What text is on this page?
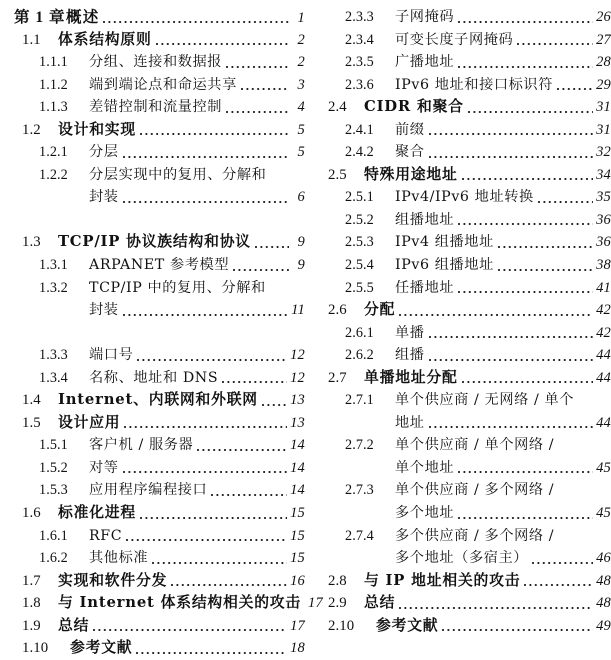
第 1 章 概述	1
1.1	体系结构原则	2
1.1.1	分组、连接和数据报	2
1.1.2	端到端论点和命运共享	3
1.1.3	差错控制和流量控制	4
1.2	设计和实现	5
1.2.1	分层	5
1.2.2	分层实现中的复用、分解和
封装	6
1.3	TCP/IP 协议族结构和协议	9
1.3.1	ARPANET 参考模型	9
1.3.2	TCP/IP 中的复用、分解和
封装	11
1.3.3	端口号	12
1.3.4	名称、地址和 DNS	12
1.4	Internet、内联网和外联网 13
1.5	设计应用	13
1.5.1	客户机 / 服务器	14
1.5.2	对等	14
1.5.3	应用程序编程接口	14
1.6	标准化进程	15
1.6.1	RFC	15
1.6.2	其他标准	15
1.7	实现和软件分发	16
1.8	与 Internet 体系结构相关的攻击 17
1.9	总结	17
1.10	参考文献	18
2.3.3	子网掩码	26
2.3.4	可变长度子网掩码	27
2.3.5	广播地址	28
2.3.6	IPv6 地址和接口标识符	29
2.4	CIDR 和聚合	31
2.4.1	前缀	31
2.4.2	聚合	32
2.5	特殊用途地址	34
2.5.1	IPv4/IPv6 地址转换	35
2.5.2	组播地址	36
2.5.3	IPv4 组播地址	36
2.5.4	IPv6 组播地址	38
2.5.5	任播地址	41
2.6	分配	42
2.6.1	单播	42
2.6.2	组播	44
2.7	单播地址分配	44
2.7.1	单个供应商 / 无网络 / 单个
地址	44
2.7.2	单个供应商 / 单个网络 /
单个地址	45
2.7.3	单个供应商 / 多个网络 /
多个地址	45
2.7.4	多个供应商 / 多个网络 /
多个地址（多宿主）	46
2.8	与 IP 地址相关的攻击	48
2.9	总结	48
2.10	参考文献	49
